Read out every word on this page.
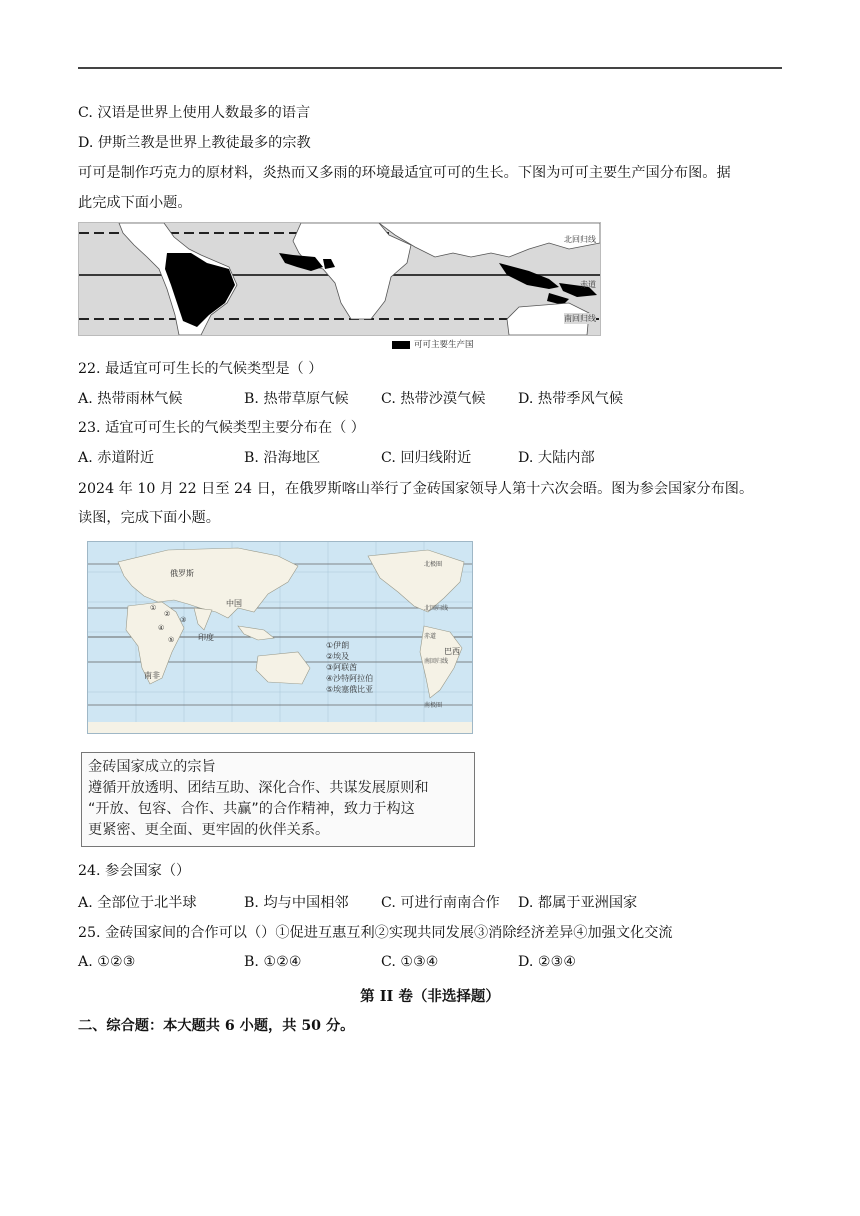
C. 汉语是世界上使用人数最多的语言
D. 伊斯兰教是世界上教徒最多的宗教
可可是制作巧克力的原材料，炎热而又多雨的环境最适宜可可的生长。下图为可可主要生产国分布图。据
此完成下面小题。
北回归线
赤道
南回归线
可可主要生产国
22. 最适宜可可生长的气候类型是（ ）
A. 热带雨林气候	B. 热带草原气候 C. 热带沙漠气候 D. 热带季风气候
23. 适宜可可生长的气候类型主要分布在（ ）
A. 赤道附近	B. 沿海地区	C. 回归线附近	D. 大陆内部
2024 年 10 月 22 日至 24 日，在俄罗斯喀山举行了金砖国家领导人第十六次会晤。图为参会国家分布图。
读图，完成下面小题。
俄罗斯
中国
印度
南非
巴西
①
②
③
④
⑤
北极圈
北回归线
赤道
南回归线
南极圈
①伊朗
②埃及
③阿联酋
④沙特阿拉伯
⑤埃塞俄比亚
金砖国家成立的宗旨
遵循开放透明、团结互助、深化合作、共谋发展原则和
“开放、包容、合作、共赢”的合作精神，致力于构这
更紧密、更全面、更牢固的伙伴关系。
24. 参会国家（）
A. 全部位于北半球	B. 均与中国相邻 C. 可进行南南合作 D. 都属于亚洲国家
25. 金砖国家间的合作可以（）①促进互惠互利②实现共同发展③消除经济差异④加强文化交流
A. ①②③	B. ①②④	C. ①③④	D. ②③④
第 II 卷（非选择题）
二、综合题：本大题共 6 小题，共 50 分。
